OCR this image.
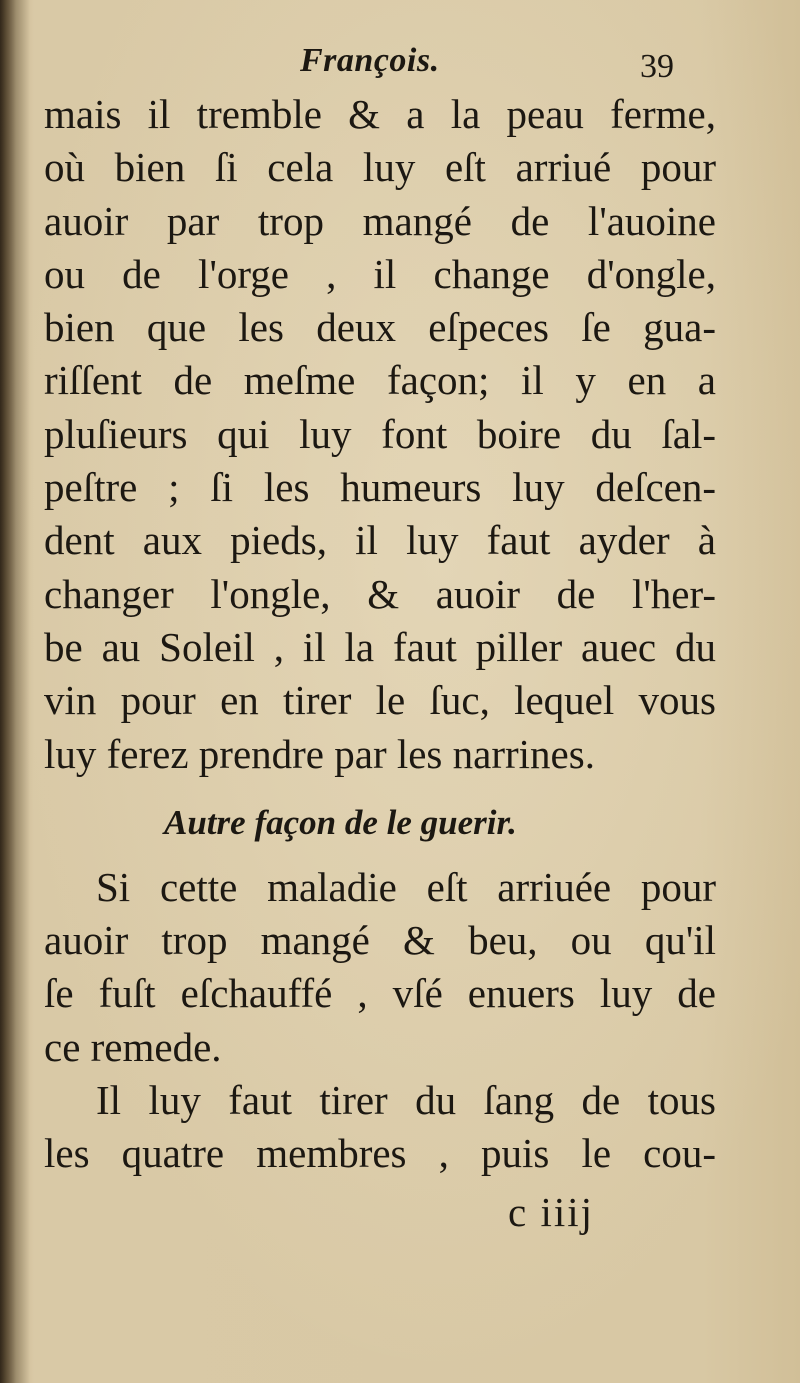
François.	39
mais il tremble & a la peau ferme,
où bien ſi cela luy eſt arriué pour
auoir par trop mangé de l'auoine
ou de l'orge , il change d'ongle,
bien que les deux eſpeces ſe gua-
riſſent de meſme façon; il y en a
pluſieurs qui luy font boire du ſal-
peſtre ; ſi les humeurs luy deſcen-
dent aux pieds, il luy faut ayder à
changer l'ongle, & auoir de l'her-
be au Soleil , il la faut piller auec du
vin pour en tirer le ſuc, lequel vous
luy ferez prendre par les narrines.
Autre façon de le guerir.
Si cette maladie eſt arriuée pour
auoir trop mangé & beu, ou qu'il
ſe fuſt eſchauffé , vſé enuers luy de
ce remede.
Il luy faut tirer du ſang de tous
les quatre membres , puis le cou-
c iiij
